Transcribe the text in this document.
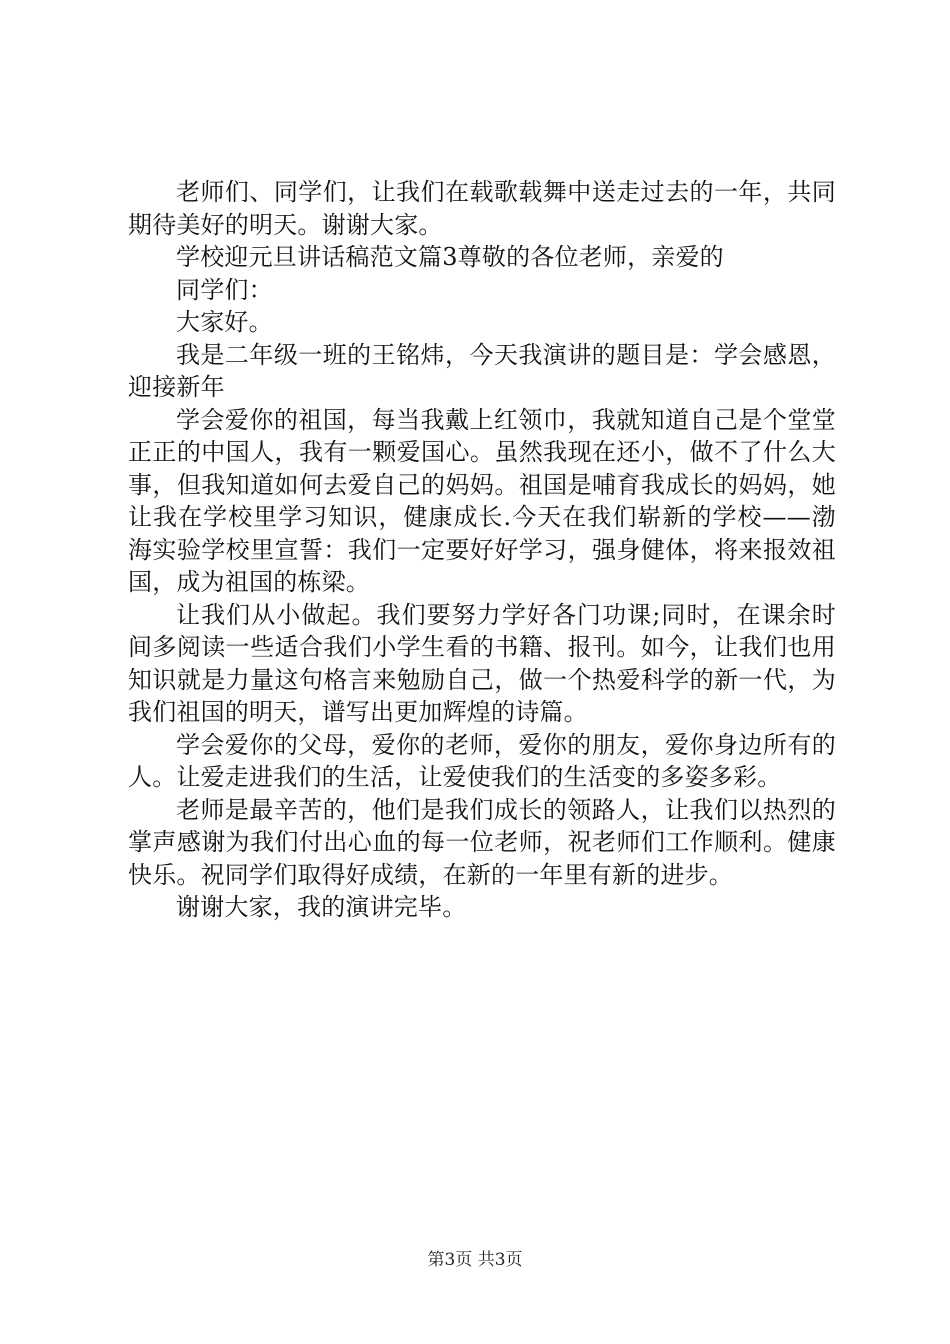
老师们、同学们，让我们在载歌载舞中送走过去的一年，共同期待美好的明天。谢谢大家。

学校迎元旦讲话稿范文篇3尊敬的各位老师，亲爱的

同学们：

大家好。

我是二年级一班的王铭炜，今天我演讲的题目是：学会感恩，迎接新年

学会爱你的祖国，每当我戴上红领巾，我就知道自己是个堂堂正正的中国人，我有一颗爱国心。虽然我现在还小，做不了什么大事，但我知道如何去爱自己的妈妈。祖国是哺育我成长的妈妈，她让我在学校里学习知识，健康成长.今天在我们崭新的学校——渤海实验学校里宣誓：我们一定要好好学习，强身健体，将来报效祖国，成为祖国的栋梁。

让我们从小做起。我们要努力学好各门功课;同时，在课余时间多阅读一些适合我们小学生看的书籍、报刊。如今，让我们也用知识就是力量这句格言来勉励自己，做一个热爱科学的新一代，为我们祖国的明天，谱写出更加辉煌的诗篇。

学会爱你的父母，爱你的老师，爱你的朋友，爱你身边所有的人。让爱走进我们的生活，让爱使我们的生活变的多姿多彩。

老师是最辛苦的，他们是我们成长的领路人，让我们以热烈的掌声感谢为我们付出心血的每一位老师，祝老师们工作顺利。健康快乐。祝同学们取得好成绩，在新的一年里有新的进步。

谢谢大家，我的演讲完毕。

第3页 共3页
